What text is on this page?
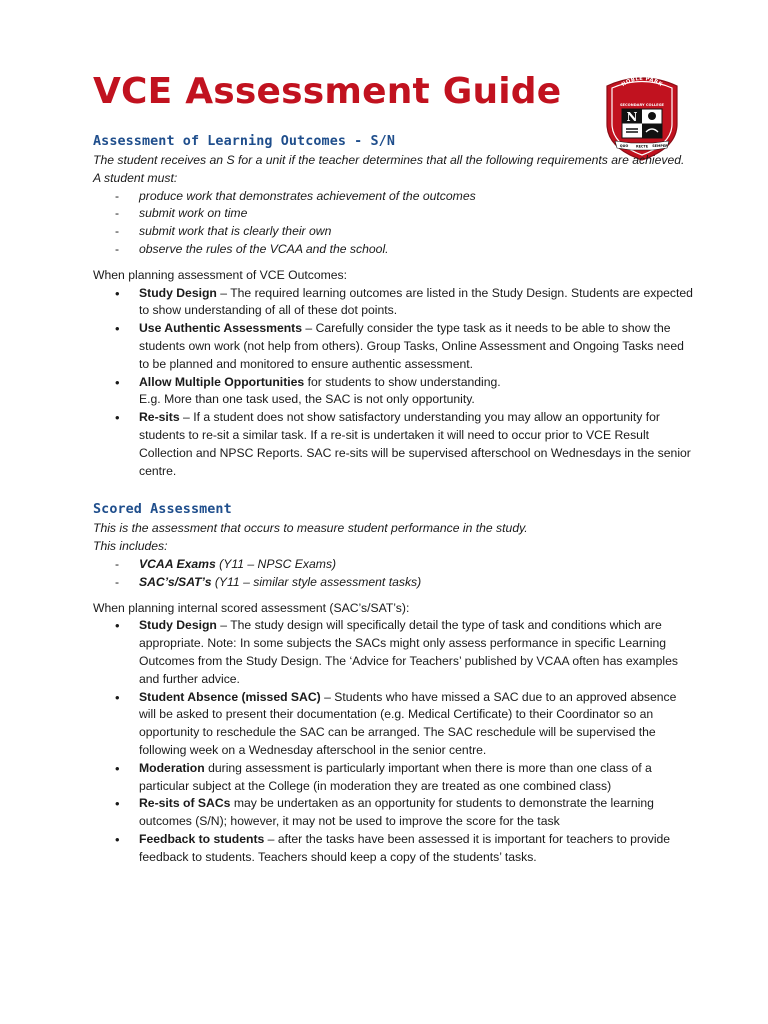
VCE Assessment Guide	NOBLE PARK
SECONDARY COLLEGE
N
QUO RECTE SEMPER
Assessment of Learning Outcomes - S/N

The student receives an S for a unit if the teacher determines that all the following requirements are achieved. A student must:

- produce work that demonstrates achievement of the outcomes
- submit work on time
- submit work that is clearly their own
- observe the rules of the VCAA and the school.

When planning assessment of VCE Outcomes:

• Study Design – The required learning outcomes are listed in the Study Design. Students are expected to show understanding of all of these dot points.
• Use Authentic Assessments – Carefully consider the type task as it needs to be able to show the students own work (not help from others). Group Tasks, Online Assessment and Ongoing Tasks need to be planned and monitored to ensure authentic assessment.
• Allow Multiple Opportunities for students to show understanding.
E.g. More than one task used, the SAC is not only opportunity.
• Re-sits – If a student does not show satisfactory understanding you may allow an opportunity for students to re-sit a similar task. If a re-sit is undertaken it will need to occur prior to VCE Result Collection and NPSC Reports. SAC re-sits will be supervised afterschool on Wednesdays in the senior centre.
Scored Assessment

This is the assessment that occurs to measure student performance in the study.

This includes:

- VCAA Exams (Y11 – NPSC Exams)
- SAC’s/SAT’s (Y11 – similar style assessment tasks)

When planning internal scored assessment (SAC’s/SAT’s):

• Study Design – The study design will specifically detail the type of task and conditions which are appropriate. Note: In some subjects the SACs might only assess performance in specific Learning Outcomes from the Study Design. The ‘Advice for Teachers’ published by VCAA often has examples and further advice.
• Student Absence (missed SAC) – Students who have missed a SAC due to an approved absence will be asked to present their documentation (e.g. Medical Certificate) to their Coordinator so an opportunity to reschedule the SAC can be arranged. The SAC reschedule will be supervised the following week on a Wednesday afterschool in the senior centre.
• Moderation during assessment is particularly important when there is more than one class of a particular subject at the College (in moderation they are treated as one combined class)
• Re-sits of SACs may be undertaken as an opportunity for students to demonstrate the learning outcomes (S/N); however, it may not be used to improve the score for the task
• Feedback to students – after the tasks have been assessed it is important for teachers to provide feedback to students. Teachers should keep a copy of the students’ tasks.
